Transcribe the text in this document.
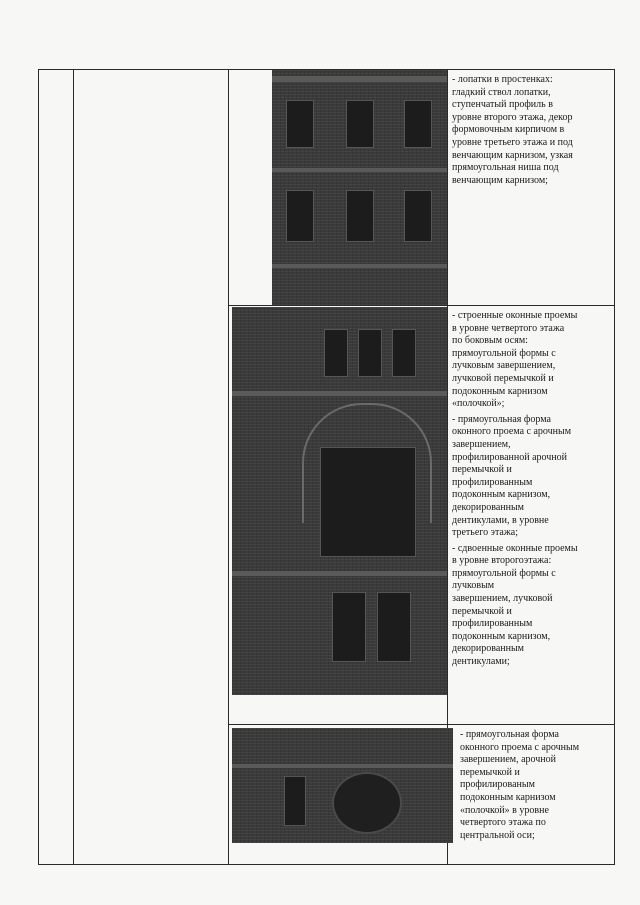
- лопатки в простенках:
гладкий ствол лопатки,
ступенчатый профиль в
уровне второго этажа, декор
формовочным кирпичом в
уровне третьего этажа и под
венчающим карнизом, узкая
прямоугольная ниша под
венчающим карнизом;

- строенные оконные проемы
в уровне четвертого этажа
по боковым осям:
прямоугольной формы с
лучковым завершением,
лучковой перемычкой и
подоконным карнизом
«полочкой»;

- прямоугольная форма
оконного проема с арочным
завершением,
профилированной арочной
перемычкой и
профилированным
подоконным карнизом,
декорированным
дентикулами, в уровне
третьего этажа;

- сдвоенные оконные проемы
в уровне второгоэтажа:
прямоугольной формы с
лучковым
завершением, лучковой
перемычкой и
профилированным
подоконным карнизом,
декорированным
дентикулами;

- прямоугольная форма
оконного проема с арочным
завершением, арочной
перемычкой и
профилированым
подоконным карнизом
«полочкой» в уровне
четвертого этажа по
центральной оси;
